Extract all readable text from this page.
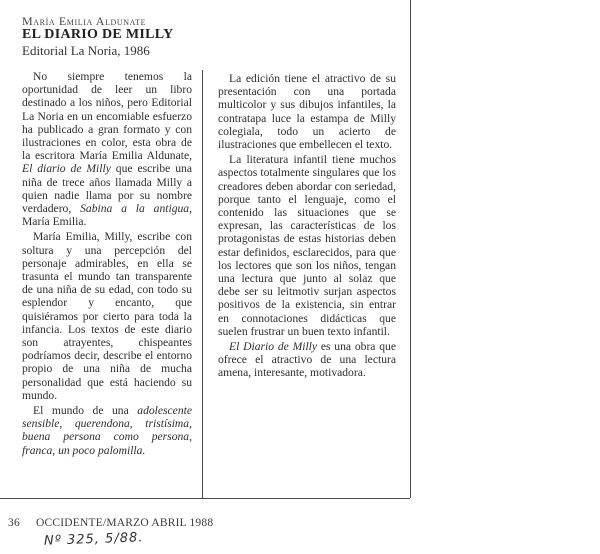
María Emilia Aldunate
EL DIARIO DE MILLY
Editorial La Noria, 1986

No siempre tenemos la oportunidad de leer un libro destinado a los niños, pero Editorial La Noria en un encomiable esfuerzo ha publicado a gran formato y con ilustraciones en color, esta obra de la escritora María Emilia Aldunate, El diario de Milly que escribe una niña de trece años llamada Milly a quien nadie llama por su nombre verdadero, Sabina a la antigua, María Emilia.

María Emilia, Milly, escribe con soltura y una percepción del personaje admirables, en ella se trasunta el mundo tan transparente de una niña de su edad, con todo su esplendor y encanto, que quisiéramos por cierto para toda la infancia. Los textos de este diario son atrayentes, chispeantes podríamos decir, describe el entorno propio de una niña de mucha personalidad que está haciendo su mundo.

El mundo de una adolescente sensible, querendona, tristísima, buena persona como persona, franca, un poco palomilla.

La edición tiene el atractivo de su presentación con una portada multicolor y sus dibujos infantiles, la contratapa luce la estampa de Milly colegiala, todo un acierto de ilustraciones que embellecen el texto.

La literatura infantil tiene muchos aspectos totalmente singulares que los creadores deben abordar con seriedad, porque tanto el lenguaje, como el contenido las situaciones que se expresan, las características de los protagonistas de estas historias deben estar definidos, esclarecidos, para que los lectores que son los niños, tengan una lectura que junto al solaz que debe ser su leitmotiv surjan aspectos positivos de la existencia, sin entrar en connotaciones didácticas que suelen frustrar un buen texto infantil.

El Diario de Milly es una obra que ofrece el atractivo de una lectura amena, interesante, motivadora.

36 OCCIDENTE/MARZO ABRIL 1988
Nº 325, 5/88.
